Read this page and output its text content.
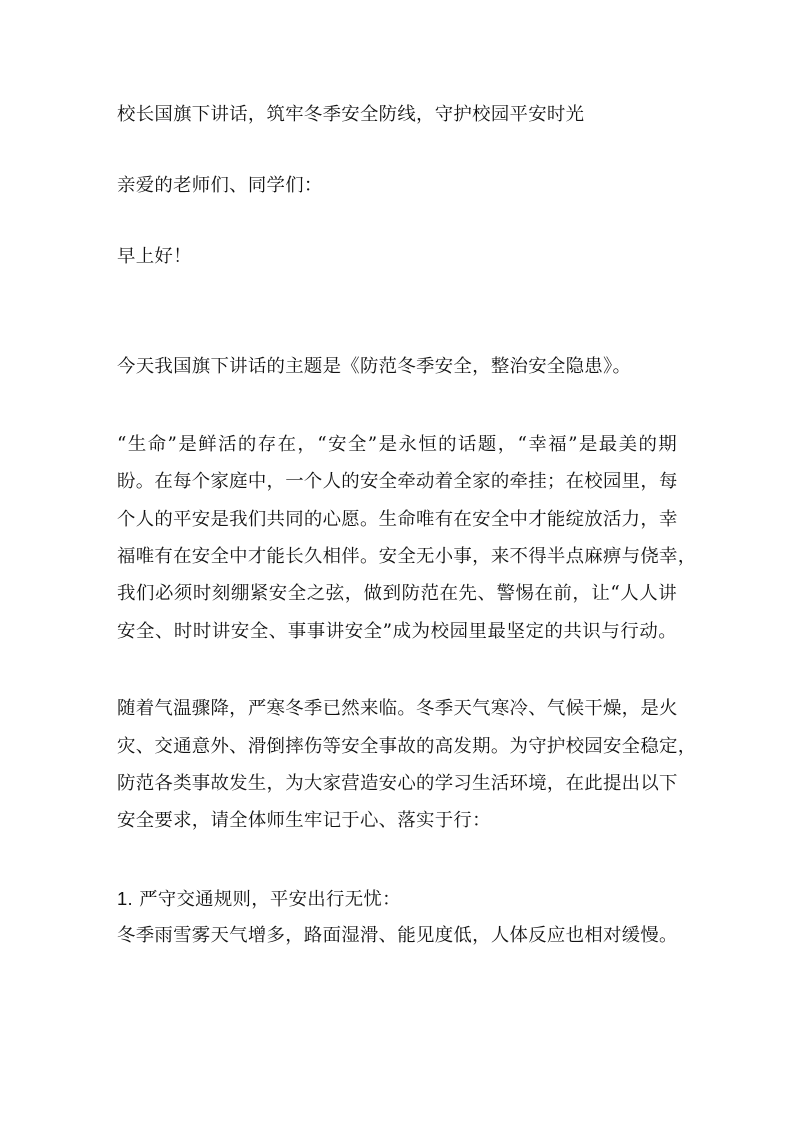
校长国旗下讲话，筑牢冬季安全防线，守护校园平安时光
亲爱的老师们、同学们：
早上好！
今天我国旗下讲话的主题是《防范冬季安全，整治安全隐患》。
“生命”是鲜活的存在，“安全”是永恒的话题，“幸福”是最美的期
盼。在每个家庭中，一个人的安全牵动着全家的牵挂；在校园里，每
个人的平安是我们共同的心愿。生命唯有在安全中才能绽放活力，幸
福唯有在安全中才能长久相伴。安全无小事，来不得半点麻痹与侥幸，
我们必须时刻绷紧安全之弦，做到防范在先、警惕在前，让“人人讲
安全、时时讲安全、事事讲安全”成为校园里最坚定的共识与行动。
随着气温骤降，严寒冬季已然来临。冬季天气寒冷、气候干燥，是火
灾、交通意外、滑倒摔伤等安全事故的高发期。为守护校园安全稳定，
防范各类事故发生，为大家营造安心的学习生活环境，在此提出以下
安全要求，请全体师生牢记于心、落实于行：
1. 严守交通规则，平安出行无忧：
冬季雨雪雾天气增多，路面湿滑、能见度低，人体反应也相对缓慢。
